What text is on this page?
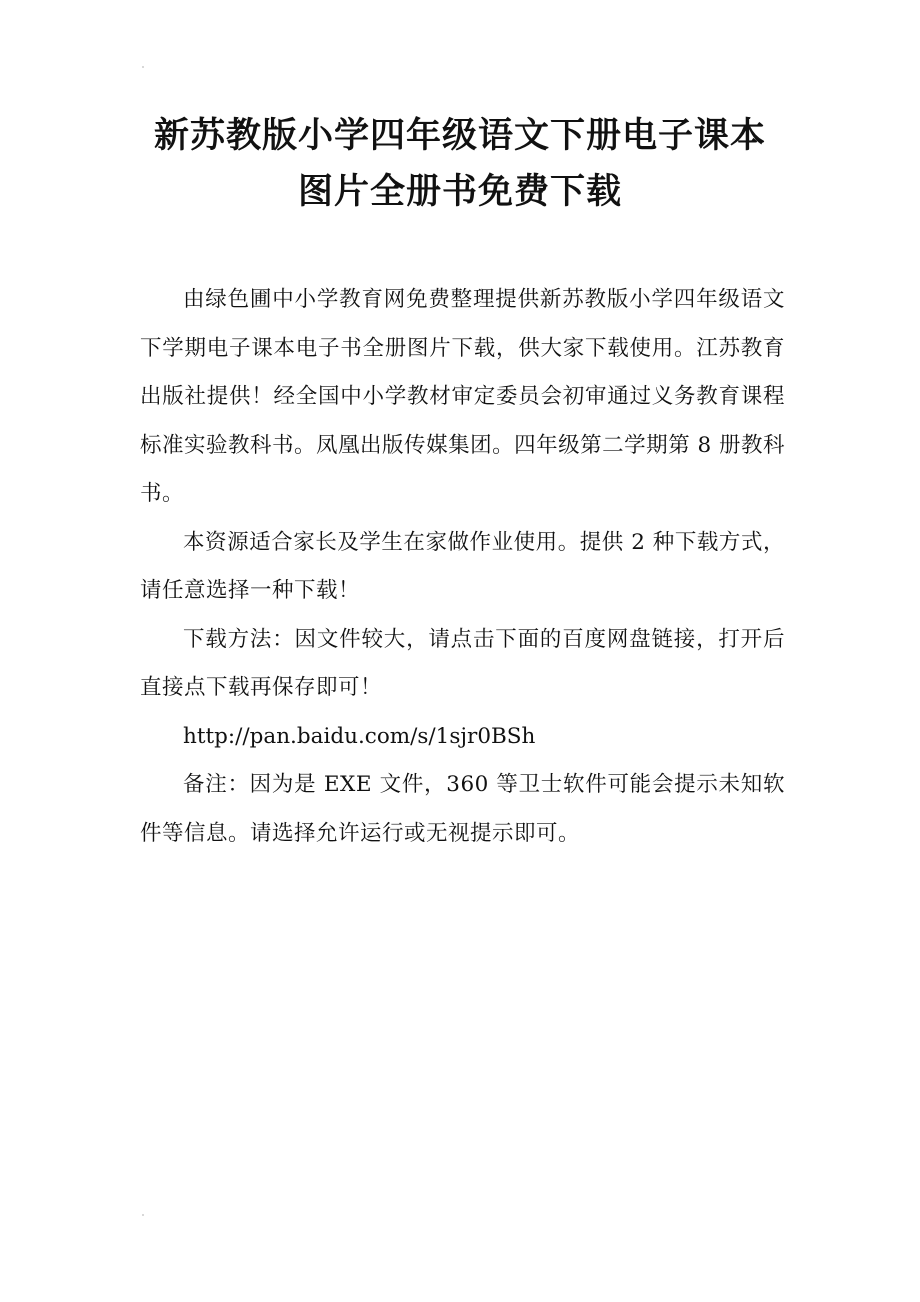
新苏教版小学四年级语文下册电子课本
图片全册书免费下载

由绿色圃中小学教育网免费整理提供新苏教版小学四年级语文下学期电子课本电子书全册图片下载，供大家下载使用。江苏教育出版社提供！经全国中小学教材审定委员会初审通过义务教育课程标准实验教科书。凤凰出版传媒集团。四年级第二学期第 8 册教科书。

本资源适合家长及学生在家做作业使用。提供 2 种下载方式，请任意选择一种下载！

下载方法：因文件较大，请点击下面的百度网盘链接，打开后直接点下载再保存即可！

http://pan.baidu.com/s/1sjr0BSh

备注：因为是 EXE 文件，360 等卫士软件可能会提示未知软件等信息。请选择允许运行或无视提示即可。
